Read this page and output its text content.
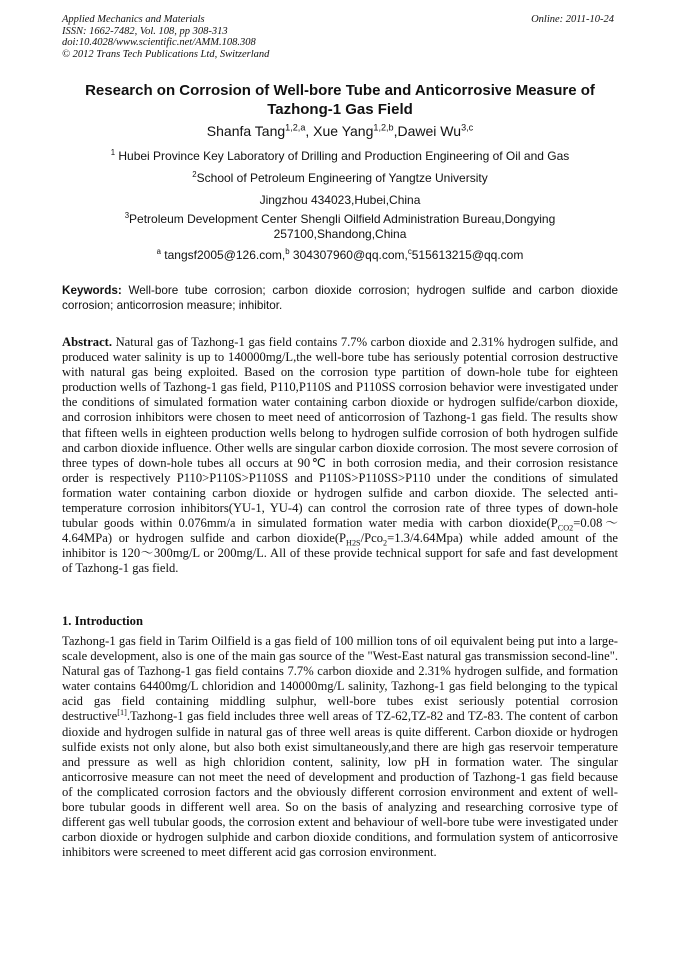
Applied Mechanics and Materials
ISSN: 1662-7482, Vol. 108, pp 308-313
doi:10.4028/www.scientific.net/AMM.108.308
© 2012 Trans Tech Publications Ltd, Switzerland
Online: 2011-10-24
Research on Corrosion of Well-bore Tube and Anticorrosive Measure of Tazhong-1 Gas Field
Shanfa Tang$^{1,2,a}$, Xue Yang$^{1,2,b}$,Dawei Wu$^{3,c}$
$^1$ Hubei Province Key Laboratory of Drilling and Production Engineering of Oil and Gas
$^2$School of Petroleum Engineering of Yangtze University
Jingzhou 434023,Hubei,China
$^3$Petroleum Development Center Shengli Oilfield Administration Bureau,Dongying 257100,Shandong,China
$^a$ tangsf2005@126.com,$^b$ 304307960@qq.com,$^c$515613215@qq.com
Keywords: Well-bore tube corrosion; carbon dioxide corrosion; hydrogen sulfide and carbon dioxide corrosion; anticorrosion measure; inhibitor.
Abstract. Natural gas of Tazhong-1 gas field contains 7.7% carbon dioxide and 2.31% hydrogen sulfide, and produced water salinity is up to 140000mg/L,the well-bore tube has seriously potential corrosion destructive with natural gas being exploited. Based on the corrosion type partition of down-hole tube for eighteen production wells of Tazhong-1 gas field, P110,P110S and P110SS corrosion behavior were investigated under the conditions of simulated formation water containing carbon dioxide or hydrogen sulfide/carbon dioxide, and corrosion inhibitors were chosen to meet need of anticorrosion of Tazhong-1 gas field. The results show that fifteen wells in eighteen production wells belong to hydrogen sulfide corrosion of both hydrogen sulfide and carbon dioxide influence. Other wells are singular carbon dioxide corrosion. The most severe corrosion of three types of down-hole tubes all occurs at 90℃ in both corrosion media, and their corrosion resistance order is respectively P110>P110S>P110SS and P110S>P110SS>P110 under the conditions of simulated formation water containing carbon dioxide or hydrogen sulfide and carbon dioxide. The selected anti-temperature corrosion inhibitors(YU-1, YU-4) can control the corrosion rate of three types of down-hole tubular goods within 0.076mm/a in simulated formation water media with carbon $dioxide(P_{CO2}=0.08\sim 4.64MPa)$ or hydrogen sulfide and carbon $dioxide(P_{H2S}/Pco_2=1.3/4.64Mpa)$ while added amount of the inhibitor is 120～300mg/L or 200mg/L. All of these provide technical support for safe and fast development of Tazhong-1 gas field.
1. Introduction
Tazhong-1 gas field in Tarim Oilfield is a gas field of 100 million tons of oil equivalent being put into a large-scale development, also is one of the main gas source of the "West-East natural gas transmission second-line". Natural gas of Tazhong-1 gas field contains 7.7% carbon dioxide and 2.31% hydrogen sulfide, and formation water contains 64400mg/L chloridion and 140000mg/L salinity, Tazhong-1 gas field belonging to the typical acid gas field containing middling sulphur, well-bore tubes exist seriously potential corrosion destructive[1].Tazhong-1 gas field includes three well areas of TZ-62,TZ-82 and TZ-83. The content of carbon dioxide and hydrogen sulfide in natural gas of three well areas is quite different. Carbon dioxide or hydrogen sulfide exists not only alone, but also both exist simultaneously,and there are high gas reservoir temperature and pressure as well as high chloridion content, salinity, low pH in formation water. The singular anticorrosive measure can not meet the need of development and production of Tazhong-1 gas field because of the complicated corrosion factors and the obviously different corrosion environment and extent of well-bore tubular goods in different well area. So on the basis of analyzing and researching corrosive type of different gas well tubular goods, the corrosion extent and behaviour of well-bore tube were investigated under carbon dioxide or hydrogen sulphide and carbon dioxide conditions, and formulation system of anticorrosive inhibitors were screened to meet different acid gas corrosion environment.
